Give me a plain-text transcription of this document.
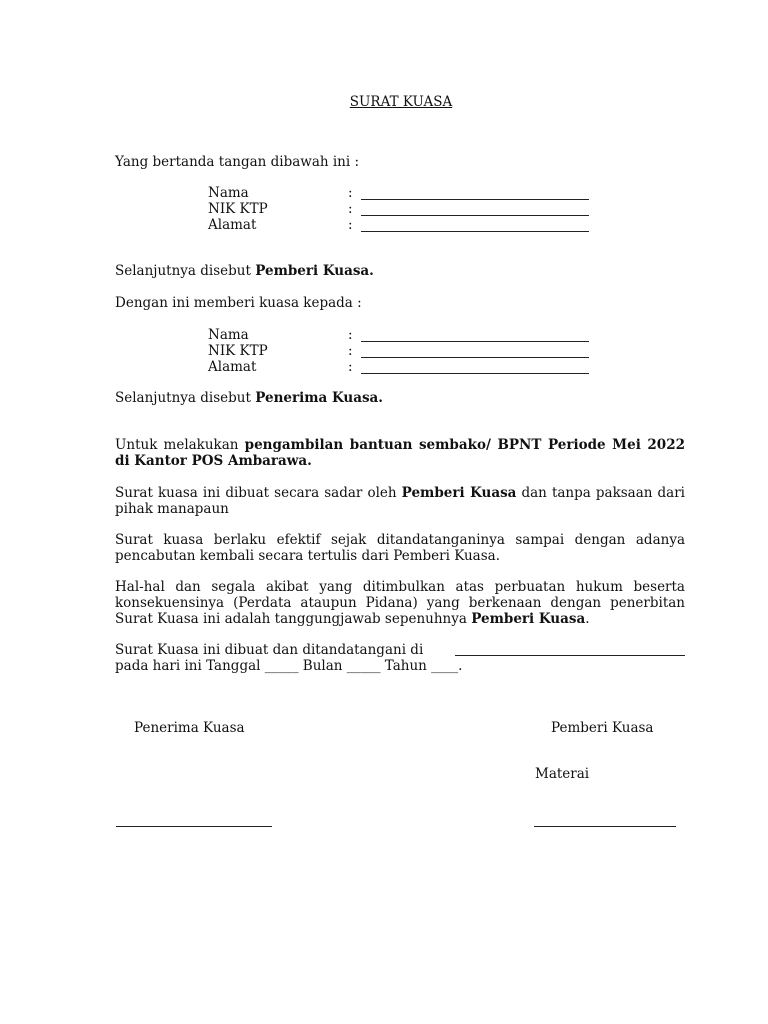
SURAT KUASA
Yang bertanda tangan dibawah ini :
Nama	:
NIK KTP	:
Alamat	:
Selanjutnya disebut Pemberi Kuasa.
Dengan ini memberi kuasa kepada :
Nama	:
NIK KTP	:
Alamat	:
Selanjutnya disebut Penerima Kuasa.
Untuk melakukan pengambilan bantuan sembako/ BPNT Periode Mei 2022 di Kantor POS Ambarawa.
Surat kuasa ini dibuat secara sadar oleh Pemberi Kuasa dan tanpa paksaan dari pihak manapaun
Surat kuasa berlaku efektif sejak ditandatanganinya sampai dengan adanya pencabutan kembali secara tertulis dari Pemberi Kuasa.
Hal-hal dan segala akibat yang ditimbulkan atas perbuatan hukum beserta konsekuensinya (Perdata ataupun Pidana) yang berkenaan dengan penerbitan Surat Kuasa ini adalah tanggungjawab sepenuhnya Pemberi Kuasa.
Surat Kuasa ini dibuat dan ditandatangani di
pada hari ini Tanggal _____ Bulan _____ Tahun ____.
Penerima Kuasa	Pemberi Kuasa
Materai
